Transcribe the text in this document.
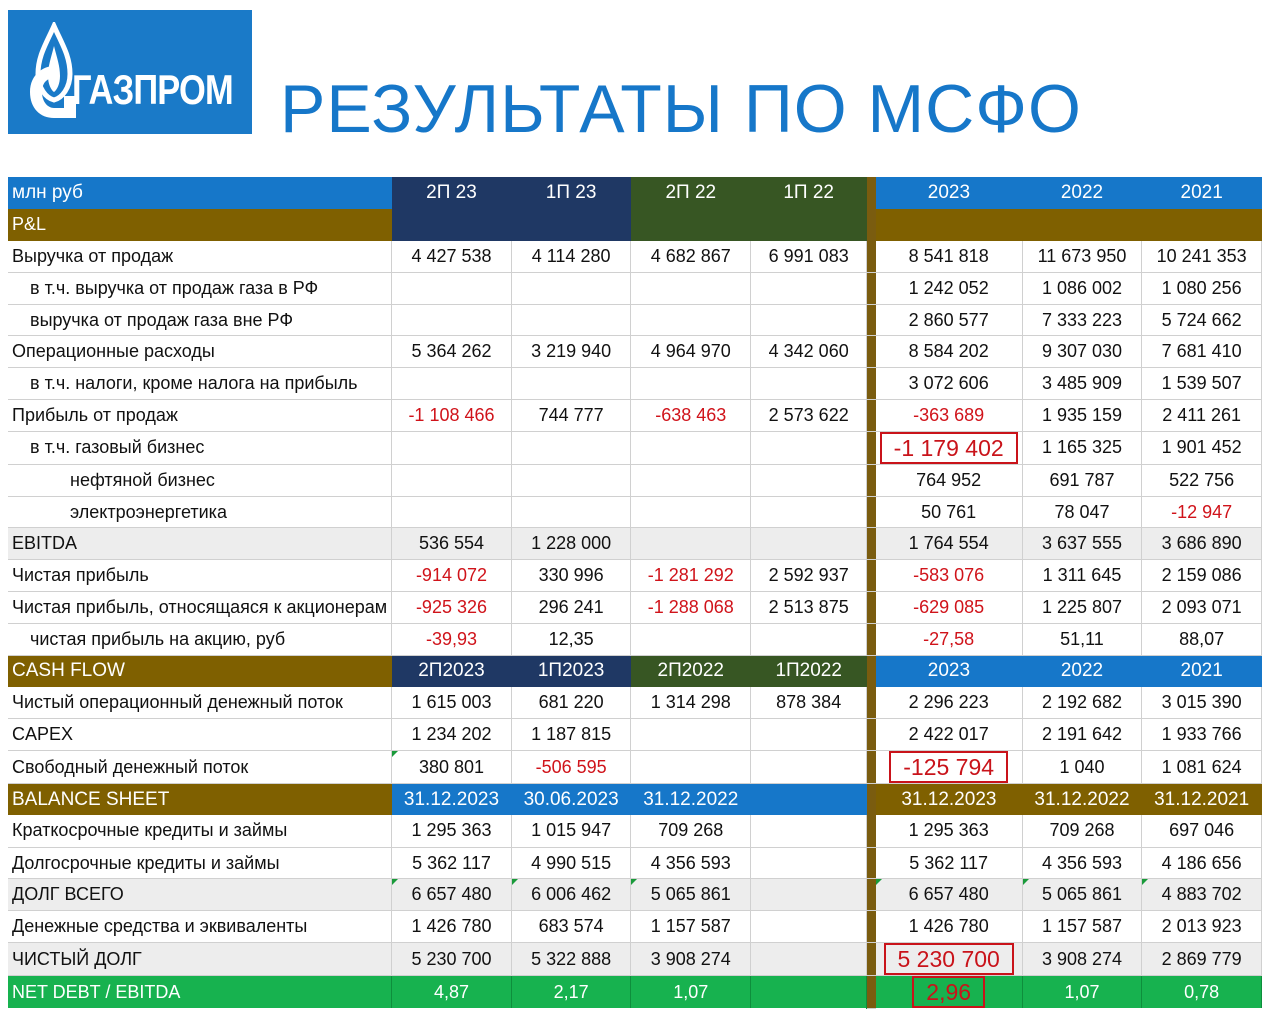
ГАЗПРОМ РЕЗУЛЬТАТЫ ПО МСФО
млн руб	2П 23	1П 23	2П 22	1П 22		2023	2022	2021
P&L								
Выручка от продаж	4 427 538	4 114 280	4 682 867	6 991 083		8 541 818	11 673 950	10 241 353
в т.ч. выручка от продаж газа в РФ						1 242 052	1 086 002	1 080 256
выручка от продаж газа вне РФ						2 860 577	7 333 223	5 724 662
Операционные расходы	5 364 262	3 219 940	4 964 970	4 342 060		8 584 202	9 307 030	7 681 410
в т.ч. налоги, кроме налога на прибыль						3 072 606	3 485 909	1 539 507
Прибыль от продаж	-1 108 466	744 777	-638 463	2 573 622		-363 689	1 935 159	2 411 261
в т.ч. газовый бизнес						-1 179 402	1 165 325	1 901 452
нефтяной бизнес						764 952	691 787	522 756
электроэнергетика						50 761	78 047	-12 947
EBITDA	536 554	1 228 000				1 764 554	3 637 555	3 686 890
Чистая прибыль	-914 072	330 996	-1 281 292	2 592 937		-583 076	1 311 645	2 159 086
Чистая прибыль, относящаяся к акционерам	-925 326	296 241	-1 288 068	2 513 875		-629 085	1 225 807	2 093 071
чистая прибыль на акцию, руб	-39,93	12,35				-27,58	51,11	88,07
CASH FLOW	2П2023	1П2023	2П2022	1П2022		2023	2022	2021
Чистый операционный денежный поток	1 615 003	681 220	1 314 298	878 384		2 296 223	2 192 682	3 015 390
CAPEX	1 234 202	1 187 815				2 422 017	2 191 642	1 933 766
Свободный денежный поток	380 801	-506 595				-125 794	1 040	1 081 624
BALANCE SHEET	31.12.2023	30.06.2023	31.12.2022			31.12.2023	31.12.2022	31.12.2021
Краткосрочные кредиты и займы	1 295 363	1 015 947	709 268			1 295 363	709 268	697 046
Долгосрочные кредиты и займы	5 362 117	4 990 515	4 356 593			5 362 117	4 356 593	4 186 656
ДОЛГ ВСЕГО	6 657 480	6 006 462	5 065 861			6 657 480	5 065 861	4 883 702
Денежные средства и эквиваленты	1 426 780	683 574	1 157 587			1 426 780	1 157 587	2 013 923
ЧИСТЫЙ ДОЛГ	5 230 700	5 322 888	3 908 274			5 230 700	3 908 274	2 869 779
NET DEBT / EBITDA	4,87	2,17	1,07			2,96	1,07	0,78
